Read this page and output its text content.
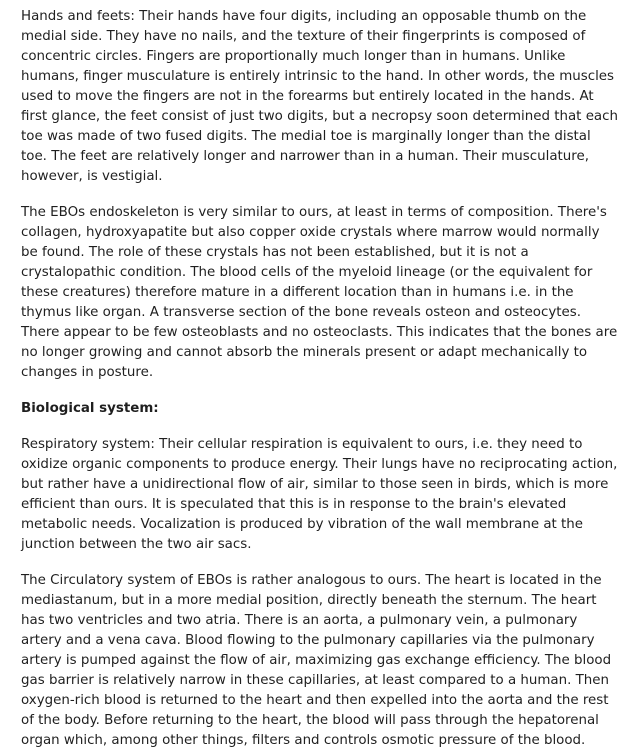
Hands and feets: Their hands have four digits, including an opposable thumb on the medial side. They have no nails, and the texture of their fingerprints is composed of concentric circles. Fingers are proportionally much longer than in humans. Unlike humans, finger musculature is entirely intrinsic to the hand. In other words, the muscles used to move the fingers are not in the forearms but entirely located in the hands. At first glance, the feet consist of just two digits, but a necropsy soon determined that each toe was made of two fused digits. The medial toe is marginally longer than the distal toe. The feet are relatively longer and narrower than in a human. Their musculature, however, is vestigial.

The EBOs endoskeleton is very similar to ours, at least in terms of composition. There's collagen, hydroxyapatite but also copper oxide crystals where marrow would normally be found. The role of these crystals has not been established, but it is not a crystalopathic condition. The blood cells of the myeloid lineage (or the equivalent for these creatures) therefore mature in a different location than in humans i.e. in the thymus like organ. A transverse section of the bone reveals osteon and osteocytes. There appear to be few osteoblasts and no osteoclasts. This indicates that the bones are no longer growing and cannot absorb the minerals present or adapt mechanically to changes in posture.

Biological system:

Respiratory system: Their cellular respiration is equivalent to ours, i.e. they need to oxidize organic components to produce energy. Their lungs have no reciprocating action, but rather have a unidirectional flow of air, similar to those seen in birds, which is more efficient than ours. It is speculated that this is in response to the brain's elevated metabolic needs. Vocalization is produced by vibration of the wall membrane at the junction between the two air sacs.

The Circulatory system of EBOs is rather analogous to ours. The heart is located in the mediastanum, but in a more medial position, directly beneath the sternum. The heart has two ventricles and two atria. There is an aorta, a pulmonary vein, a pulmonary artery and a vena cava. Blood flowing to the pulmonary capillaries via the pulmonary artery is pumped against the flow of air, maximizing gas exchange efficiency. The blood gas barrier is relatively narrow in these capillaries, at least compared to a human. Then oxygen-rich blood is returned to the heart and then expelled into the aorta and the rest of the body. Before returning to the heart, the blood will pass through the hepatorenal organ which, among other things, filters and controls osmotic pressure of the blood.
